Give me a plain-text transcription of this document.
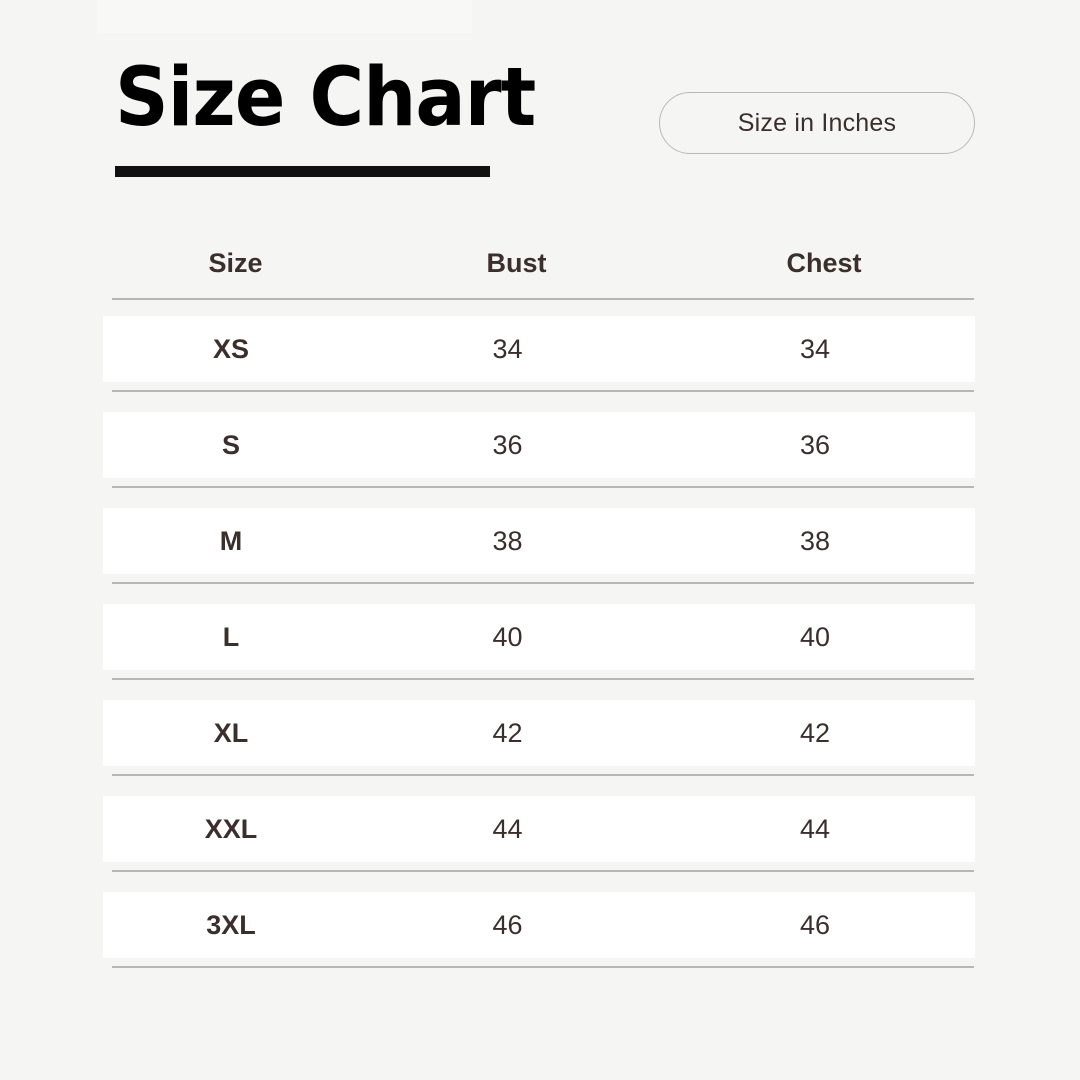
Size Chart	Size in Inches
Size	Bust	Chest
XS	34	34
S	36	36
M	38	38
L	40	40
XL	42	42
XXL	44	44
3XL	46	46
